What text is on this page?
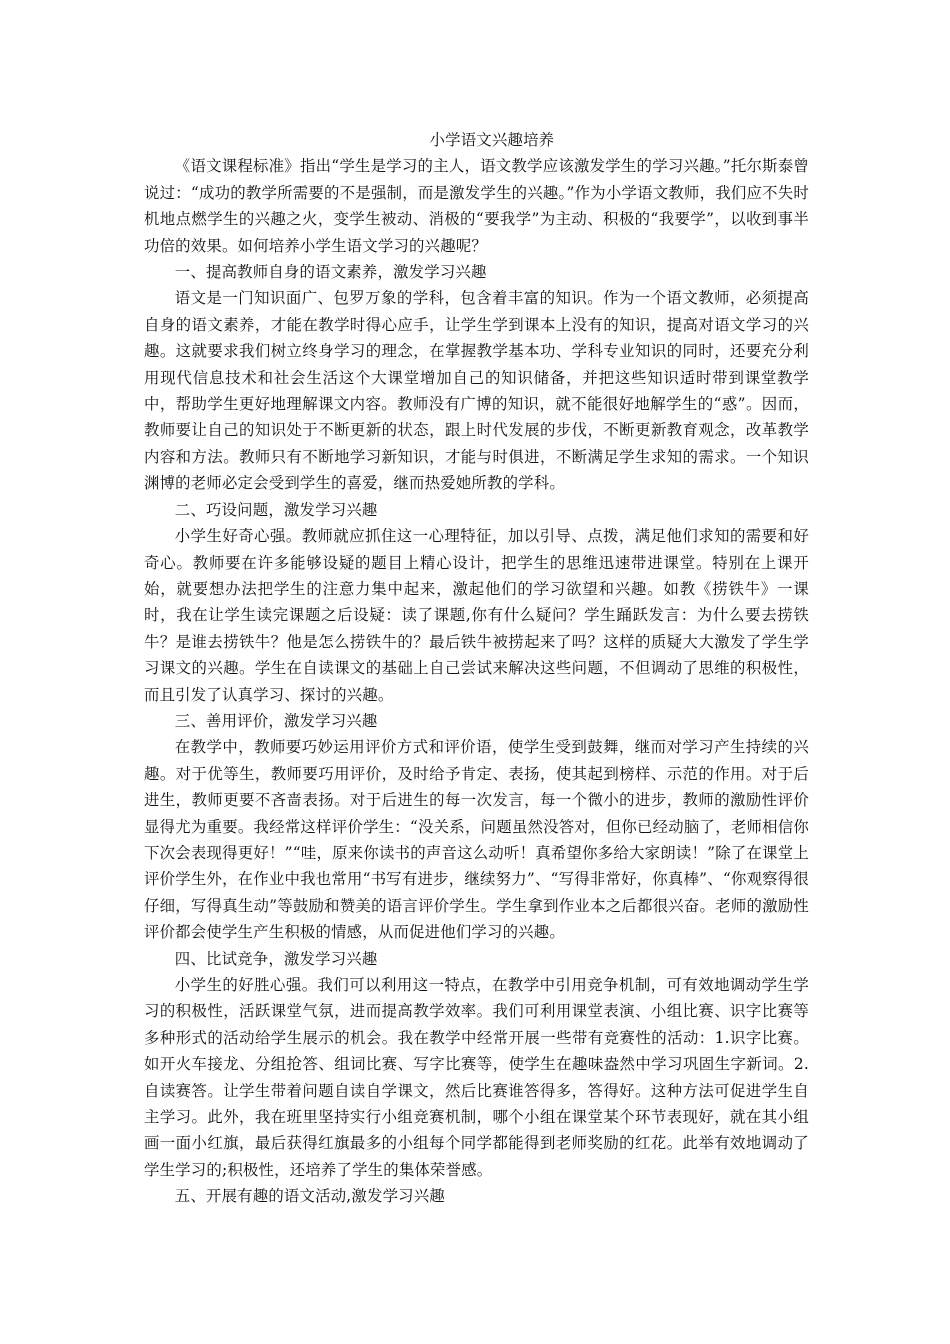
小学语文兴趣培养

《语文课程标准》指出“学生是学习的主人，语文教学应该激发学生的学习兴趣。”托尔斯泰曾说过：“成功的教学所需要的不是强制，而是激发学生的兴趣。”作为小学语文教师，我们应不失时机地点燃学生的兴趣之火，变学生被动、消极的“要我学”为主动、积极的“我要学”，以收到事半功倍的效果。如何培养小学生语文学习的兴趣呢？

一、提高教师自身的语文素养，激发学习兴趣

语文是一门知识面广、包罗万象的学科，包含着丰富的知识。作为一个语文教师，必须提高自身的语文素养，才能在教学时得心应手，让学生学到课本上没有的知识，提高对语文学习的兴趣。这就要求我们树立终身学习的理念，在掌握教学基本功、学科专业知识的同时，还要充分利用现代信息技术和社会生活这个大课堂增加自己的知识储备，并把这些知识适时带到课堂教学中，帮助学生更好地理解课文内容。教师没有广博的知识，就不能很好地解学生的“惑”。因而，教师要让自己的知识处于不断更新的状态，跟上时代发展的步伐，不断更新教育观念，改革教学内容和方法。教师只有不断地学习新知识，才能与时俱进，不断满足学生求知的需求。一个知识渊博的老师必定会受到学生的喜爱，继而热爱她所教的学科。

二、巧设问题，激发学习兴趣

小学生好奇心强。教师就应抓住这一心理特征，加以引导、点拨，满足他们求知的需要和好奇心。教师要在许多能够设疑的题目上精心设计，把学生的思维迅速带进课堂。特别在上课开始，就要想办法把学生的注意力集中起来，激起他们的学习欲望和兴趣。如教《捞铁牛》一课时，我在让学生读完课题之后设疑：读了课题,你有什么疑问？学生踊跃发言：为什么要去捞铁牛？是谁去捞铁牛？他是怎么捞铁牛的？最后铁牛被捞起来了吗？这样的质疑大大激发了学生学习课文的兴趣。学生在自读课文的基础上自己尝试来解决这些问题，不但调动了思维的积极性，而且引发了认真学习、探讨的兴趣。

三、善用评价，激发学习兴趣

在教学中，教师要巧妙运用评价方式和评价语，使学生受到鼓舞，继而对学习产生持续的兴趣。对于优等生，教师要巧用评价，及时给予肯定、表扬，使其起到榜样、示范的作用。对于后进生，教师更要不吝啬表扬。对于后进生的每一次发言，每一个微小的进步，教师的激励性评价显得尤为重要。我经常这样评价学生：“没关系，问题虽然没答对，但你已经动脑了，老师相信你下次会表现得更好！”“哇，原来你读书的声音这么动听！真希望你多给大家朗读！”除了在课堂上评价学生外，在作业中我也常用“书写有进步，继续努力”、“写得非常好，你真棒”、“你观察得很仔细，写得真生动”等鼓励和赞美的语言评价学生。学生拿到作业本之后都很兴奋。老师的激励性评价都会使学生产生积极的情感，从而促进他们学习的兴趣。

四、比试竞争，激发学习兴趣

小学生的好胜心强。我们可以利用这一特点，在教学中引用竞争机制，可有效地调动学生学习的积极性，活跃课堂气氛，进而提高教学效率。我们可利用课堂表演、小组比赛、识字比赛等多种形式的活动给学生展示的机会。我在教学中经常开展一些带有竞赛性的活动：1.识字比赛。如开火车接龙、分组抢答、组词比赛、写字比赛等，使学生在趣味盎然中学习巩固生字新词。2.自读赛答。让学生带着问题自读自学课文，然后比赛谁答得多，答得好。这种方法可促进学生自主学习。此外，我在班里坚持实行小组竞赛机制，哪个小组在课堂某个环节表现好，就在其小组画一面小红旗，最后获得红旗最多的小组每个同学都能得到老师奖励的红花。此举有效地调动了学生学习的;积极性，还培养了学生的集体荣誉感。

五、开展有趣的语文活动,激发学习兴趣
